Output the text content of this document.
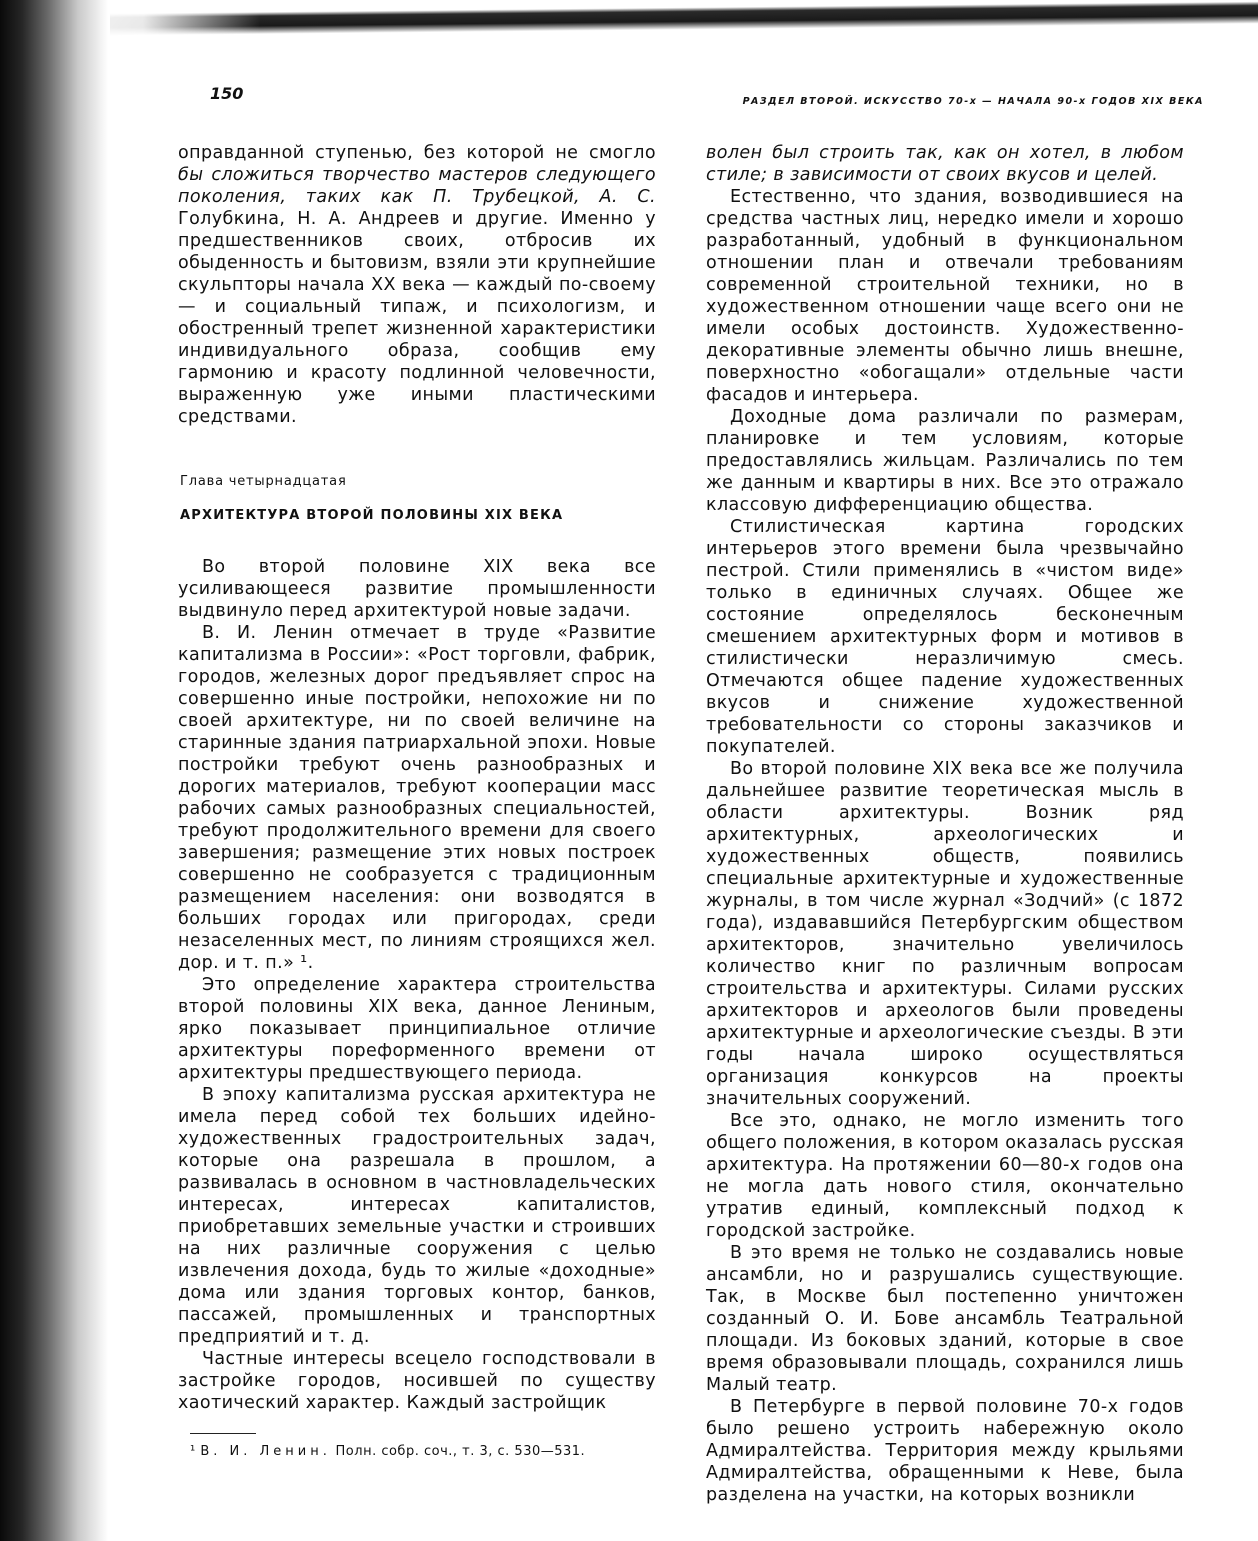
150	РАЗДЕЛ ВТОРОЙ. ИСКУССТВО 70-х — НАЧАЛА 90-х ГОДОВ XIX ВЕКА

оправданной ступенью, без которой не смогло бы сложиться творчество мастеров следующего поколения, таких как П. Трубецкой, А. С. Голубкина, Н. А. Андреев и другие. Именно у предшественников своих, отбросив их обыденность и бытовизм, взяли эти крупнейшие скульпторы начала XX века — каждый по-своему — и социальный типаж, и психологизм, и обостренный трепет жизненной характеристики индивидуального образа, сообщив ему гармонию и красоту подлинной человечности, выраженную уже иными пластическими средствами.

Глава четырнадцатая
АРХИТЕКТУРА ВТОРОЙ ПОЛОВИНЫ XIX ВЕКА

Во второй половине XIX века все усиливающееся развитие промышленности выдвинуло перед архитектурой новые задачи.

В. И. Ленин отмечает в труде «Развитие капитализма в России»: «Рост торговли, фабрик, городов, железных дорог предъявляет спрос на совершенно иные постройки, непохожие ни по своей архитектуре, ни по своей величине на старинные здания патриархальной эпохи. Новые постройки требуют очень разнообразных и дорогих материалов, требуют кооперации масс рабочих самых разнообразных специальностей, требуют продолжительного времени для своего завершения; размещение этих новых построек совершенно не сообразуется с традиционным размещением населения: они возводятся в больших городах или пригородах, среди незаселенных мест, по линиям строящихся жел. дор. и т. п.» ¹.

Это определение характера строительства второй половины XIX века, данное Лениным, ярко показывает принципиальное отличие архитектуры пореформенного времени от архитектуры предшествующего периода.

В эпоху капитализма русская архитектура не имела перед собой тех больших идейно-художественных градостроительных задач, которые она разрешала в прошлом, а развивалась в основном в частновладельческих интересах, интересах капиталистов, приобретавших земельные участки и строивших на них различные сооружения с целью извлечения дохода, будь то жилые «доходные» дома или здания торговых контор, банков, пассажей, промышленных и транспортных предприятий и т. д.

Частные интересы всецело господствовали в застройке городов, носившей по существу хаотический характер. Каждый застройщик

¹ В. И. Ленин. Полн. собр. соч., т. 3, с. 530—531.

волен был строить так, как он хотел, в любом стиле; в зависимости от своих вкусов и целей.

Естественно, что здания, возводившиеся на средства частных лиц, нередко имели и хорошо разработанный, удобный в функциональном отношении план и отвечали требованиям современной строительной техники, но в художественном отношении чаще всего они не имели особых достоинств. Художественно-декоративные элементы обычно лишь внешне, поверхностно «обогащали» отдельные части фасадов и интерьера.

Доходные дома различали по размерам, планировке и тем условиям, которые предоставлялись жильцам. Различались по тем же данным и квартиры в них. Все это отражало классовую дифференциацию общества.

Стилистическая картина городских интерьеров этого времени была чрезвычайно пестрой. Стили применялись в «чистом виде» только в единичных случаях. Общее же состояние определялось бесконечным смешением архитектурных форм и мотивов в стилистически неразличимую смесь. Отмечаются общее падение художественных вкусов и снижение художественной требовательности со стороны заказчиков и покупателей.

Во второй половине XIX века все же получила дальнейшее развитие теоретическая мысль в области архитектуры. Возник ряд архитектурных, археологических и художественных обществ, появились специальные архитектурные и художественные журналы, в том числе журнал «Зодчий» (с 1872 года), издававшийся Петербургским обществом архитекторов, значительно увеличилось количество книг по различным вопросам строительства и архитектуры. Силами русских архитекторов и археологов были проведены архитектурные и археологические съезды. В эти годы начала широко осуществляться организация конкурсов на проекты значительных сооружений.

Все это, однако, не могло изменить того общего положения, в котором оказалась русская архитектура. На протяжении 60—80-х годов она не могла дать нового стиля, окончательно утратив единый, комплексный подход к городской застройке.

В это время не только не создавались новые ансамбли, но и разрушались существующие. Так, в Москве был постепенно уничтожен созданный О. И. Бове ансамбль Театральной площади. Из боковых зданий, которые в свое время образовывали площадь, сохранился лишь Малый театр.

В Петербурге в первой половине 70-х годов было решено устроить набережную около Адмиралтейства. Территория между крыльями Адмиралтейства, обращенными к Неве, была разделена на участки, на которых возникли
